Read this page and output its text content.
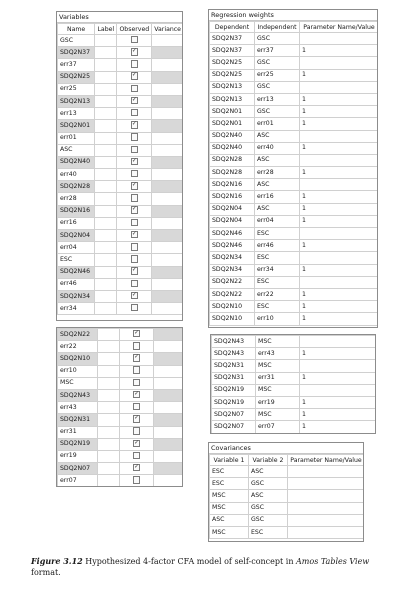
Variables
Name	Label	Observed	Variance
GSC			
SDQ2N37		✓	
err37			
SDQ2N25		✓	
err25			
SDQ2N13		✓	
err13			
SDQ2N01		✓	
err01			
ASC			
SDQ2N40		✓	
err40			
SDQ2N28		✓	
err28			
SDQ2N16		✓	
err16			
SDQ2N04		✓	
err04			
ESC			
SDQ2N46		✓	
err46			
SDQ2N34		✓	
err34			
SDQ2N22		✓	
err22			
SDQ2N10		✓	
err10			
MSC			
SDQ2N43		✓	
err43			
SDQ2N31		✓	
err31			
SDQ2N19		✓	
err19			
SDQ2N07		✓	
err07			
Regression weights
Dependent	Independent	Parameter Name/Value
SDQ2N37	GSC	
SDQ2N37	err37	1
SDQ2N25	GSC	
SDQ2N25	err25	1
SDQ2N13	GSC	
SDQ2N13	err13	1
SDQ2N01	GSC	1
SDQ2N01	err01	1
SDQ2N40	ASC	
SDQ2N40	err40	1
SDQ2N28	ASC	
SDQ2N28	err28	1
SDQ2N16	ASC	
SDQ2N16	err16	1
SDQ2N04	ASC	1
SDQ2N04	err04	1
SDQ2N46	ESC	
SDQ2N46	err46	1
SDQ2N34	ESC	
SDQ2N34	err34	1
SDQ2N22	ESC	
SDQ2N22	err22	1
SDQ2N10	ESC	1
SDQ2N10	err10	1
SDQ2N43	MSC	
SDQ2N43	err43	1
SDQ2N31	MSC	
SDQ2N31	err31	1
SDQ2N19	MSC	
SDQ2N19	err19	1
SDQ2N07	MSC	1
SDQ2N07	err07	1
Covariances
Variable 1	Variable 2	Parameter Name/Value
ESC	ASC	
ESC	GSC	
MSC	ASC	
MSC	GSC	
ASC	GSC	
MSC	ESC	
Figure 3.12 Hypothesized 4-factor CFA model of self-concept in Amos Tables View format.
